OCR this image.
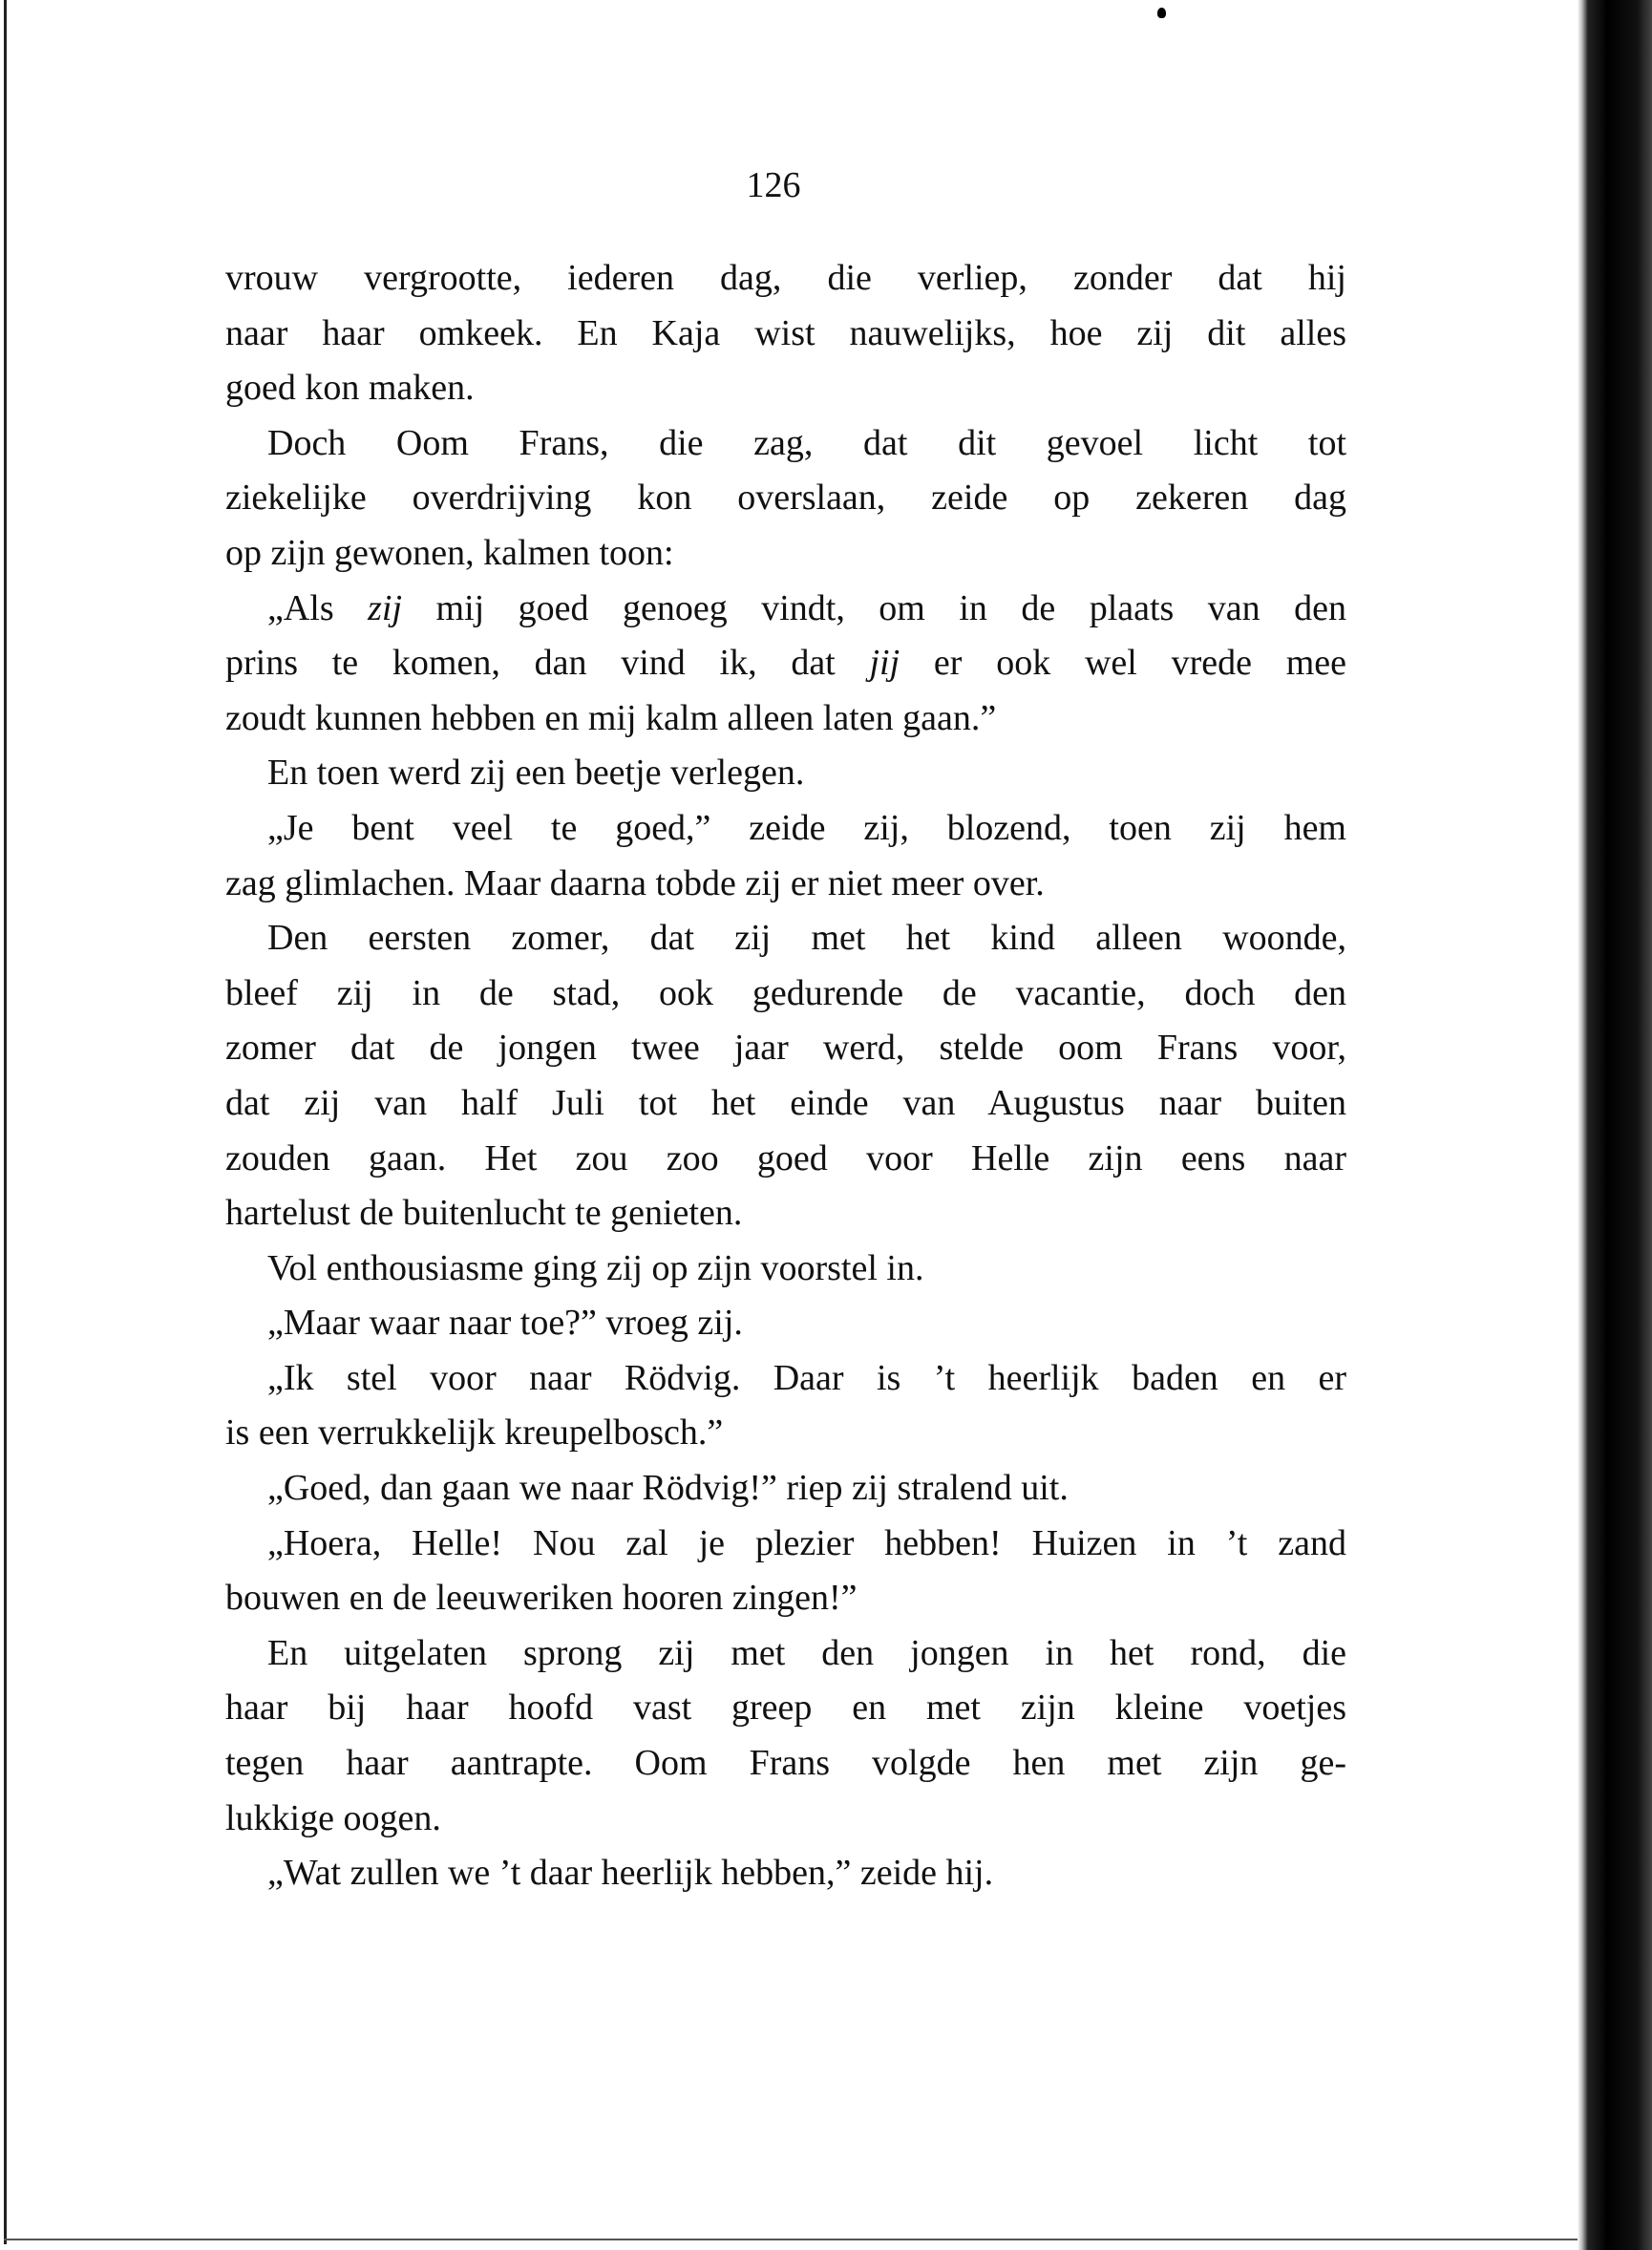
126
vrouw vergrootte, iederen dag, die verliep, zonder dat hij
naar haar omkeek. En Kaja wist nauwelijks, hoe zij dit alles
goed kon maken.
Doch Oom Frans, die zag, dat dit gevoel licht tot
ziekelijke overdrijving kon overslaan, zeide op zekeren dag
op zijn gewonen, kalmen toon:
„Als zij mij goed genoeg vindt, om in de plaats van den
prins te komen, dan vind ik, dat jij er ook wel vrede mee
zoudt kunnen hebben en mij kalm alleen laten gaan.”
En toen werd zij een beetje verlegen.
„Je bent veel te goed,” zeide zij, blozend, toen zij hem
zag glimlachen. Maar daarna tobde zij er niet meer over.
Den eersten zomer, dat zij met het kind alleen woonde,
bleef zij in de stad, ook gedurende de vacantie, doch den
zomer dat de jongen twee jaar werd, stelde oom Frans voor,
dat zij van half Juli tot het einde van Augustus naar buiten
zouden gaan. Het zou zoo goed voor Helle zijn eens naar
hartelust de buitenlucht te genieten.
Vol enthousiasme ging zij op zijn voorstel in.
„Maar waar naar toe?” vroeg zij.
„Ik stel voor naar Rödvig. Daar is ’t heerlijk baden en er
is een verrukkelijk kreupelbosch.”
„Goed, dan gaan we naar Rödvig!” riep zij stralend uit.
„Hoera, Helle! Nou zal je plezier hebben! Huizen in ’t zand
bouwen en de leeuweriken hooren zingen!”
En uitgelaten sprong zij met den jongen in het rond, die
haar bij haar hoofd vast greep en met zijn kleine voetjes
tegen haar aantrapte. Oom Frans volgde hen met zijn ge-
lukkige oogen.
„Wat zullen we ’t daar heerlijk hebben,” zeide hij.
